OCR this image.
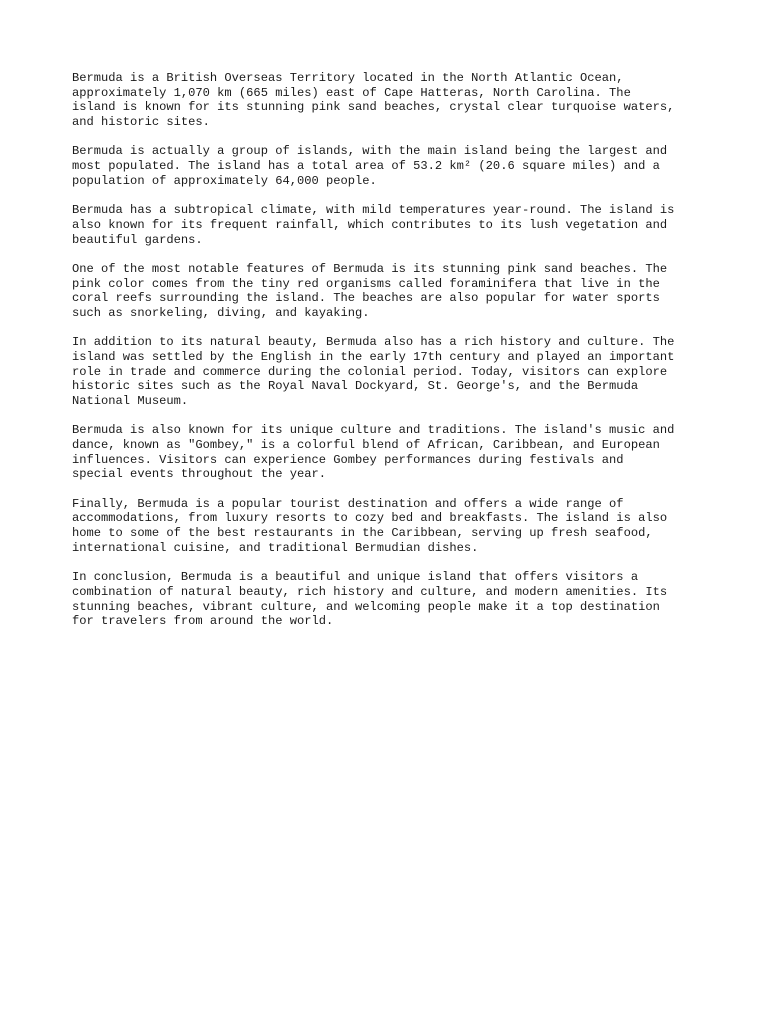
Bermuda is a British Overseas Territory located in the North Atlantic Ocean,
approximately 1,070 km (665 miles) east of Cape Hatteras, North Carolina. The
island is known for its stunning pink sand beaches, crystal clear turquoise waters,
and historic sites.

Bermuda is actually a group of islands, with the main island being the largest and
most populated. The island has a total area of 53.2 km² (20.6 square miles) and a
population of approximately 64,000 people.

Bermuda has a subtropical climate, with mild temperatures year-round. The island is
also known for its frequent rainfall, which contributes to its lush vegetation and
beautiful gardens.

One of the most notable features of Bermuda is its stunning pink sand beaches. The
pink color comes from the tiny red organisms called foraminifera that live in the
coral reefs surrounding the island. The beaches are also popular for water sports
such as snorkeling, diving, and kayaking.

In addition to its natural beauty, Bermuda also has a rich history and culture. The
island was settled by the English in the early 17th century and played an important
role in trade and commerce during the colonial period. Today, visitors can explore
historic sites such as the Royal Naval Dockyard, St. George's, and the Bermuda
National Museum.

Bermuda is also known for its unique culture and traditions. The island's music and
dance, known as "Gombey," is a colorful blend of African, Caribbean, and European
influences. Visitors can experience Gombey performances during festivals and
special events throughout the year.

Finally, Bermuda is a popular tourist destination and offers a wide range of
accommodations, from luxury resorts to cozy bed and breakfasts. The island is also
home to some of the best restaurants in the Caribbean, serving up fresh seafood,
international cuisine, and traditional Bermudian dishes.

In conclusion, Bermuda is a beautiful and unique island that offers visitors a
combination of natural beauty, rich history and culture, and modern amenities. Its
stunning beaches, vibrant culture, and welcoming people make it a top destination
for travelers from around the world.
